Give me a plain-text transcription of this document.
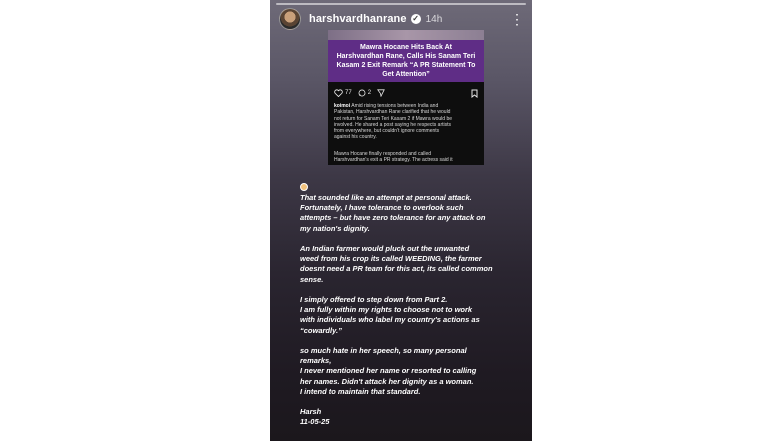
harshvardhanrane ✓ 14h	⋮
Mawra Hocane Hits Back At
Harshvardhan Rane, Calls His Sanam Teri
Kasam 2 Exit Remark “A PR Statement To
Get Attention”
77	2
koimoi Amid rising tensions between India and
Pakistan, Harshvardhan Rane clarified that he would
not return for Sanam Teri Kasam 2 if Mawra would be
involved. He shared a post saying he respects artists
from everywhere, but couldn't ignore comments
against his country.
Mawra Hocane finally responded and called
Harshvardhan's exit a PR strategy. The actress said it

That sounded like an attempt at personal attack.
Fortunately, I have tolerance to overlook such
attempts – but have zero tolerance for any attack on
my nation's dignity.

An Indian farmer would pluck out the unwanted
weed from his crop its called WEEDING, the farmer
doesnt need a PR team for this act, its called common
sense.

I simply offered to step down from Part 2.
I am fully within my rights to choose not to work
with individuals who label my country's actions as
“cowardly.”

so much hate in her speech, so many personal
remarks,
I never mentioned her name or resorted to calling
her names. Didn't attack her dignity as a woman.
I intend to maintain that standard.

Harsh
11-05-25
